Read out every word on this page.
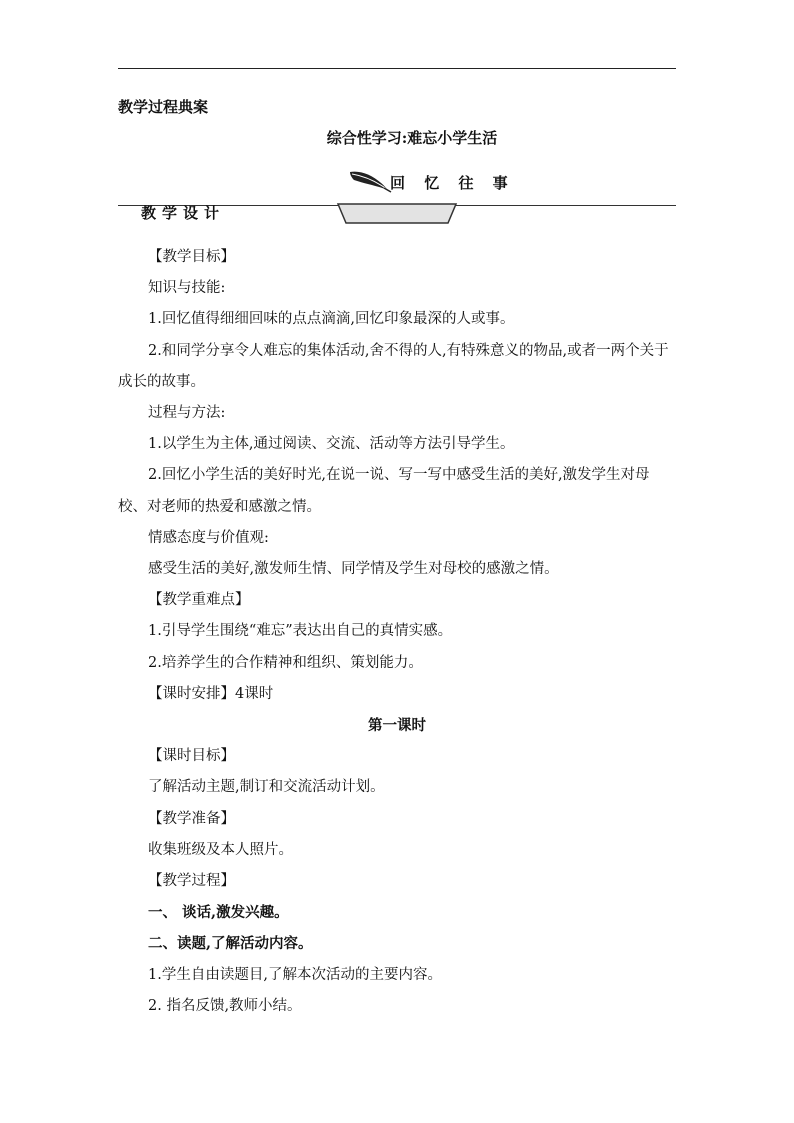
教学过程典案
综合性学习:难忘小学生活
回 忆 往 事
教学设计

【教学目标】

知识与技能:

1.回忆值得细细回味的点点滴滴,回忆印象最深的人或事。

2.和同学分享令人难忘的集体活动,舍不得的人,有特殊意义的物品,或者一两个关于成长的故事。

过程与方法:

1.以学生为主体,通过阅读、交流、活动等方法引导学生。

2.回忆小学生活的美好时光,在说一说、写一写中感受生活的美好,激发学生对母校、对老师的热爱和感激之情。

情感态度与价值观:

感受生活的美好,激发师生情、同学情及学生对母校的感激之情。

【教学重难点】

1.引导学生围绕“难忘”表达出自己的真情实感。

2.培养学生的合作精神和组织、策划能力。

【课时安排】4课时

第一课时

【课时目标】

了解活动主题,制订和交流活动计划。

【教学准备】

收集班级及本人照片。

【教学过程】

一、 谈话,激发兴趣。

二、读题,了解活动内容。

1.学生自由读题目,了解本次活动的主要内容。

2. 指名反馈,教师小结。
